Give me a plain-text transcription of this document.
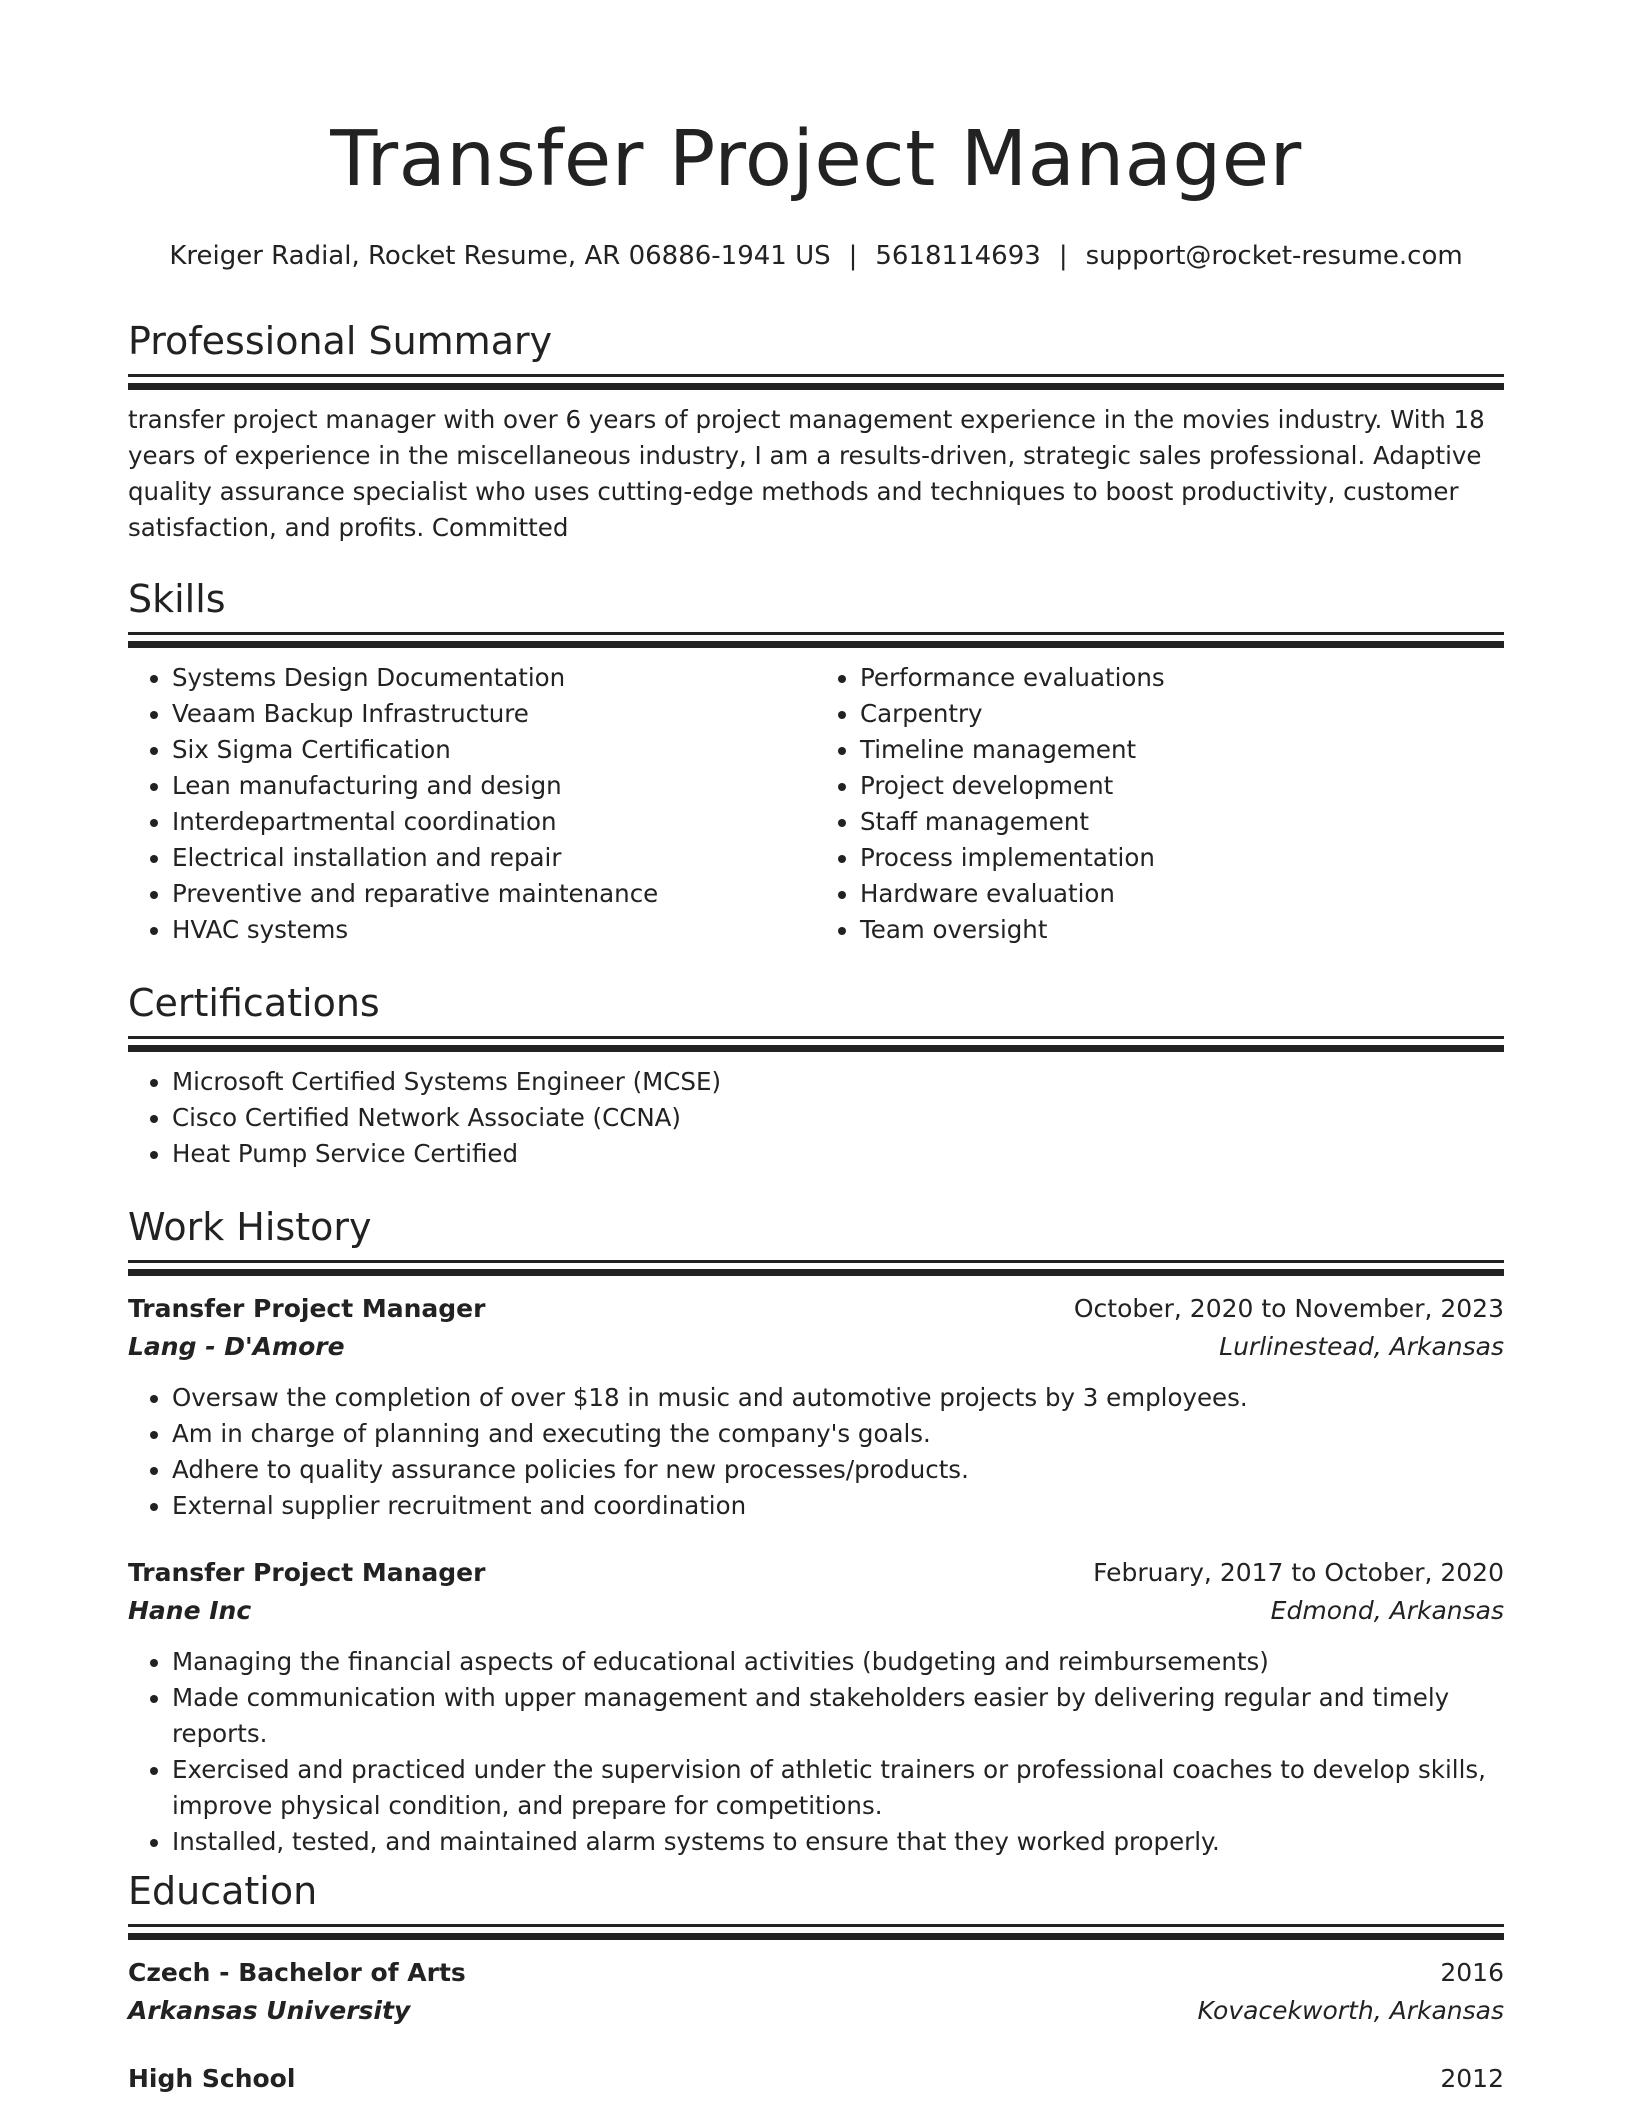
Transfer Project Manager
Kreiger Radial, Rocket Resume, AR 06886-1941 US | 5618114693 | support@rocket-resume.com
Professional Summary

transfer project manager with over 6 years of project management experience in the movies industry. With 18 years of experience in the miscellaneous industry, I am a results-driven, strategic sales professional. Adaptive quality assurance specialist who uses cutting-edge methods and techniques to boost productivity, customer satisfaction, and profits. Committed

Skills
• Systems Design Documentation
• Veaam Backup Infrastructure
• Six Sigma Certification
• Lean manufacturing and design
• Interdepartmental coordination
• Electrical installation and repair
• Preventive and reparative maintenance
• HVAC systems
• Performance evaluations
• Carpentry
• Timeline management
• Project development
• Staff management
• Process implementation
• Hardware evaluation
• Team oversight
Certifications
• Microsoft Certified Systems Engineer (MCSE)
• Cisco Certified Network Associate (CCNA)
• Heat Pump Service Certified
Work History
Transfer Project Manager	October, 2020 to November, 2023
Lang - D'Amore	Lurlinestead, Arkansas
• Oversaw the completion of over $18 in music and automotive projects by 3 employees.
• Am in charge of planning and executing the company's goals.
• Adhere to quality assurance policies for new processes/products.
• External supplier recruitment and coordination
Transfer Project Manager	February, 2017 to October, 2020
Hane Inc	Edmond, Arkansas
• Managing the financial aspects of educational activities (budgeting and reimbursements)
• Made communication with upper management and stakeholders easier by delivering regular and timely reports.
• Exercised and practiced under the supervision of athletic trainers or professional coaches to develop skills, improve physical condition, and prepare for competitions.
• Installed, tested, and maintained alarm systems to ensure that they worked properly.
Education
Czech - Bachelor of Arts	2016
Arkansas University	Kovacekworth, Arkansas
High School	2012
